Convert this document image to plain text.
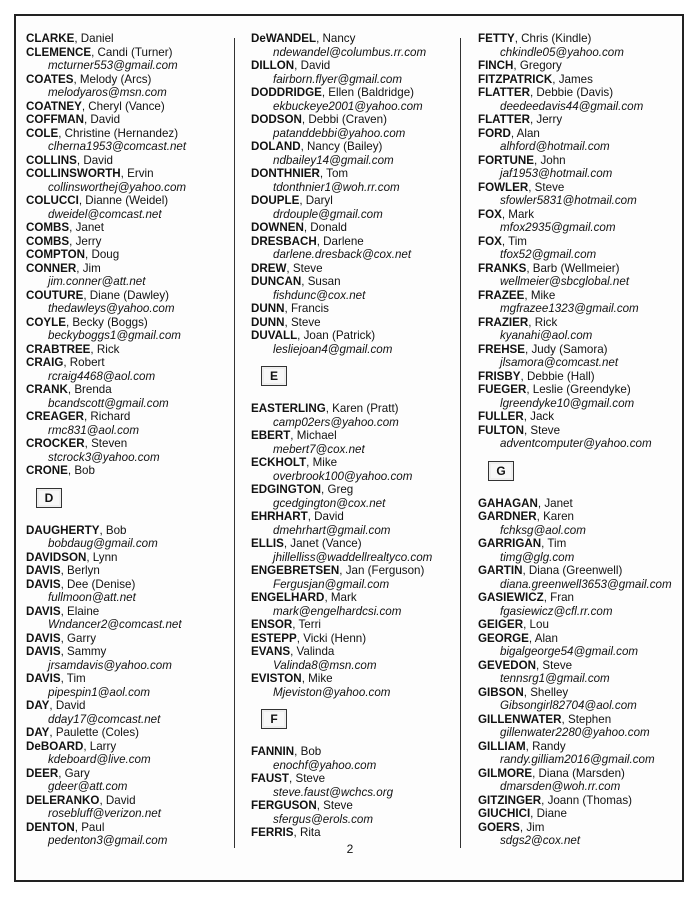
CLARKE, Daniel
CLEMENCE, Candi (Turner)
mcturner553@gmail.com
COATES, Melody (Arcs)
melodyaros@msn.com
COATNEY, Cheryl (Vance)
COFFMAN, David
COLE, Christine (Hernandez)
clherna1953@comcast.net
COLLINS, David
COLLINSWORTH, Ervin
collinsworthej@yahoo.com
COLUCCI, Dianne (Weidel)
dweidel@comcast.net
COMBS, Janet
COMBS, Jerry
COMPTON, Doug
CONNER, Jim
jim.conner@att.net
COUTURE, Diane (Dawley)
thedawleys@yahoo.com
COYLE, Becky (Boggs)
beckyboggs1@gmail.com
CRABTREE, Rick
CRAIG, Robert
rcraig4468@aol.com
CRANK, Brenda
bcandscott@gmail.com
CREAGER, Richard
rmc831@aol.com
CROCKER, Steven
stcrock3@yahoo.com
CRONE, Bob
D
DAUGHERTY, Bob
bobdaug@gmail.com
DAVIDSON, Lynn
DAVIS, Berlyn
DAVIS, Dee (Denise)
fullmoon@att.net
DAVIS, Elaine
Wndancer2@comcast.net
DAVIS, Garry
DAVIS, Sammy
jrsamdavis@yahoo.com
DAVIS, Tim
pipespin1@aol.com
DAY, David
dday17@comcast.net
DAY, Paulette (Coles)
DeBOARD, Larry
kdeboard@live.com
DEER, Gary
gdeer@att.com
DELERANKO, David
rosebluff@verizon.net
DENTON, Paul
pedenton3@gmail.com
DeWANDEL, Nancy
ndewandel@columbus.rr.com
DILLON, David
fairborn.flyer@gmail.com
DODDRIDGE, Ellen (Baldridge)
ekbuckeye2001@yahoo.com
DODSON, Debbi (Craven)
patanddebbi@yahoo.com
DOLAND, Nancy (Bailey)
ndbailey14@gmail.com
DONTHNIER, Tom
tdonthnier1@woh.rr.com
DOUPLE, Daryl
drdouple@gmail.com
DOWNEN, Donald
DRESBACH, Darlene
darlene.dresback@cox.net
DREW, Steve
DUNCAN, Susan
fishdunc@cox.net
DUNN, Francis
DUNN, Steve
DUVALL, Joan (Patrick)
lesliejoan4@gmail.com
E
EASTERLING, Karen (Pratt)
camp02ers@yahoo.com
EBERT, Michael
mebert7@cox.net
ECKHOLT, Mike
overbrook100@yahoo.com
EDGINGTON, Greg
gcedgington@cox.net
EHRHART, David
dmehrhart@gmail.com
ELLIS, Janet (Vance)
jhillelliss@waddellrealtyco.com
ENGEBRETSEN, Jan (Ferguson)
Fergusjan@gmail.com
ENGELHARD, Mark
mark@engelhardcsi.com
ENSOR, Terri
ESTEPP, Vicki (Henn)
EVANS, Valinda
Valinda8@msn.com
EVISTON, Mike
Mjeviston@yahoo.com
F
FANNIN, Bob
enochf@yahoo.com
FAUST, Steve
steve.faust@wchcs.org
FERGUSON, Steve
sfergus@erols.com
FERRIS, Rita
FETTY, Chris (Kindle)
chkindle05@yahoo.com
FINCH, Gregory
FITZPATRICK, James
FLATTER, Debbie (Davis)
deedeedavis44@gmail.com
FLATTER, Jerry
FORD, Alan
alhford@hotmail.com
FORTUNE, John
jaf1953@hotmail.com
FOWLER, Steve
sfowler5831@hotmail.com
FOX, Mark
mfox2935@gmail.com
FOX, Tim
tfox52@gmail.com
FRANKS, Barb (Wellmeier)
wellmeier@sbcglobal.net
FRAZEE, Mike
mgfrazee1323@gmail.com
FRAZIER, Rick
kyanahi@aol.com
FREHSE, Judy (Samora)
jlsamora@comcast.net
FRISBY, Debbie (Hall)
FUEGER, Leslie (Greendyke)
lgreendyke10@gmail.com
FULLER, Jack
FULTON, Steve
adventcomputer@yahoo.com
G
GAHAGAN, Janet
GARDNER, Karen
fchksg@aol.com
GARRIGAN, Tim
timg@glg.com
GARTIN, Diana (Greenwell)
diana.greenwell3653@gmail.com
GASIEWICZ, Fran
fgasiewicz@cfl.rr.com
GEIGER, Lou
GEORGE, Alan
bigalgeorge54@gmail.com
GEVEDON, Steve
tennsrg1@gmail.com
GIBSON, Shelley
Gibsongirl82704@aol.com
GILLENWATER, Stephen
gillenwater2280@yahoo.com
GILLIAM, Randy
randy.gilliam2016@gmail.com
GILMORE, Diana (Marsden)
dmarsden@woh.rr.com
GITZINGER, Joann (Thomas)
GIUCHICI, Diane
GOERS, Jim
sdgs2@cox.net
2
